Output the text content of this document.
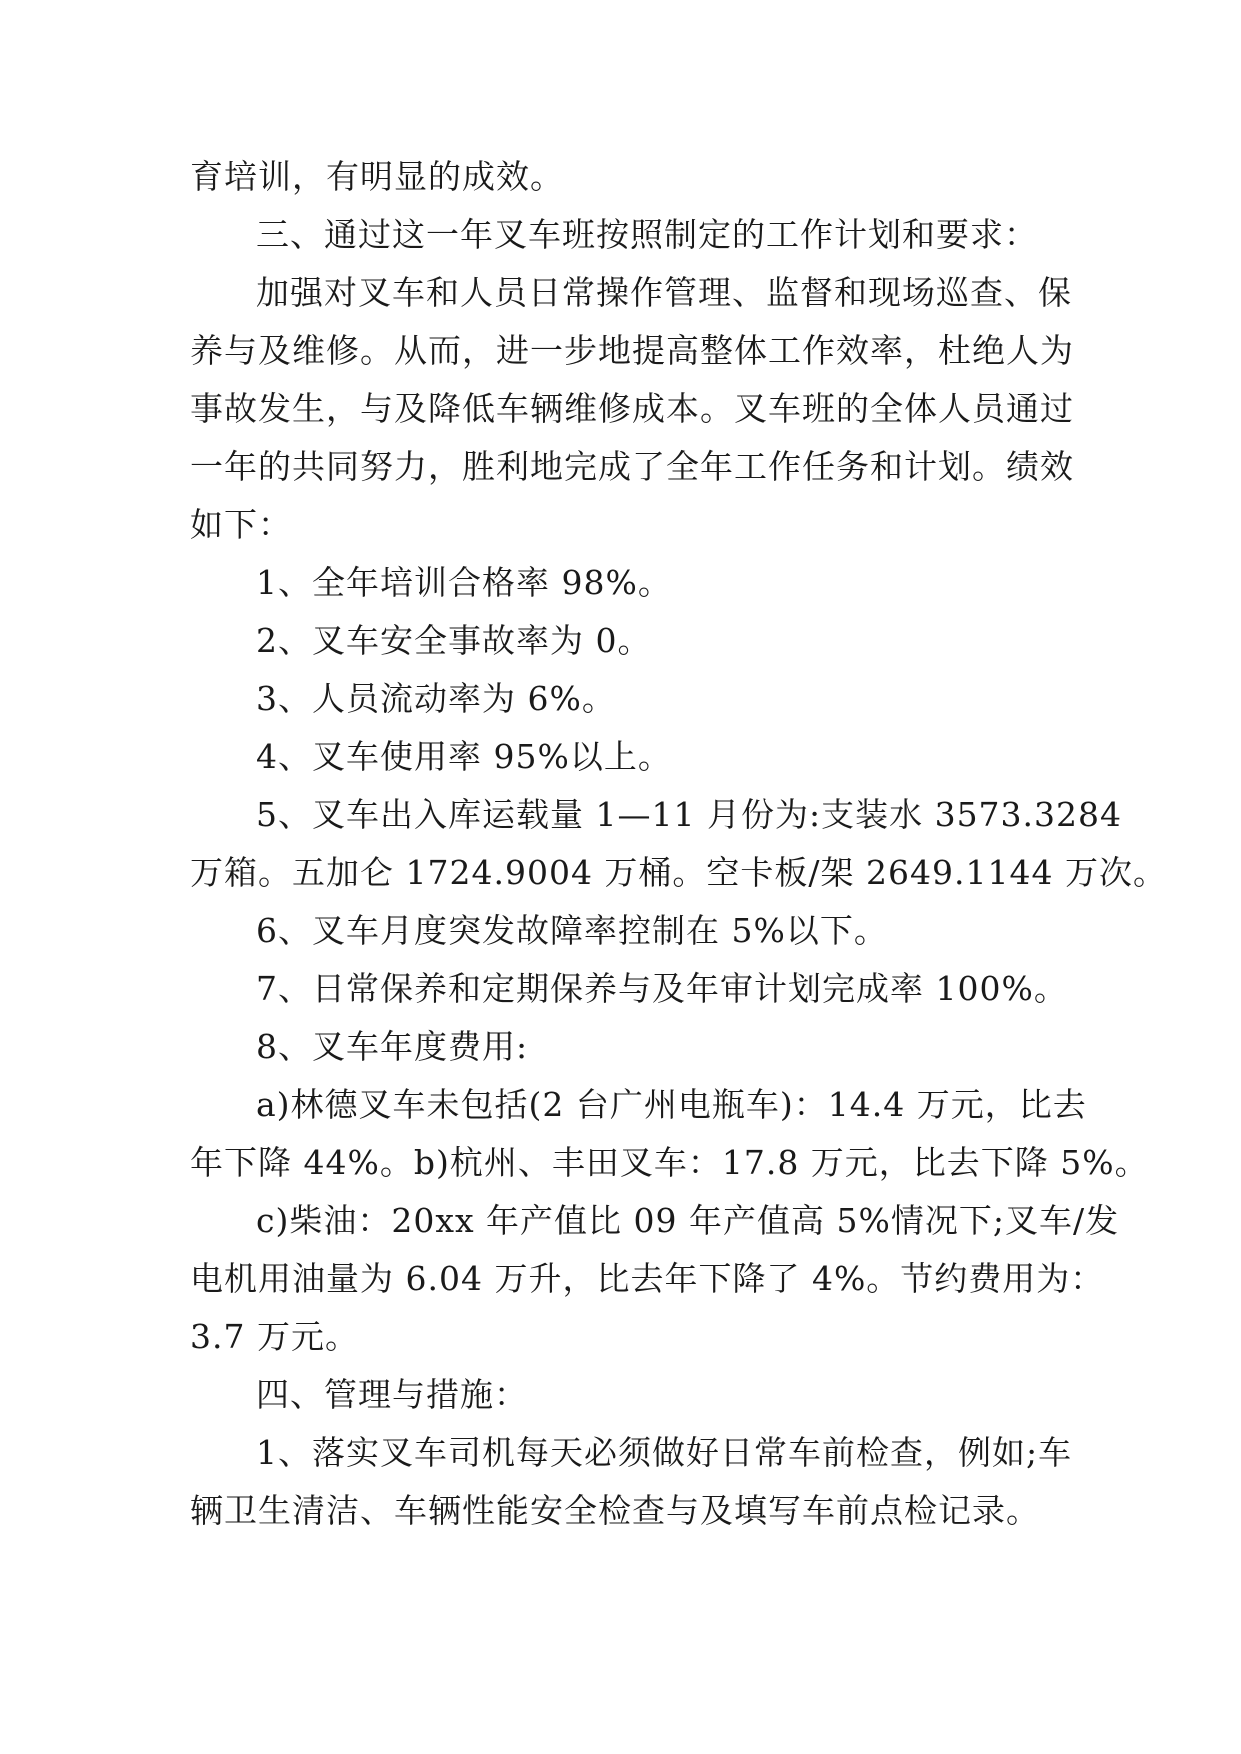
育培训，有明显的成效。
三、通过这一年叉车班按照制定的工作计划和要求：
加强对叉车和人员日常操作管理、监督和现场巡查、保
养与及维修。从而，进一步地提高整体工作效率，杜绝人为
事故发生，与及降低车辆维修成本。叉车班的全体人员通过
一年的共同努力，胜利地完成了全年工作任务和计划。绩效
如下：
1、全年培训合格率 98%。
2、叉车安全事故率为 0。
3、人员流动率为 6%。
4、叉车使用率 95%以上。
5、叉车出入库运载量 1—11 月份为:支装水 3573.3284
万箱。五加仑 1724.9004 万桶。空卡板/架 2649.1144 万次。
6、叉车月度突发故障率控制在 5%以下。
7、日常保养和定期保养与及年审计划完成率 100%。
8、叉车年度费用:
a)林德叉车未包括(2 台广州电瓶车)：14.4 万元，比去
年下降 44%。b)杭州、丰田叉车：17.8 万元，比去下降 5%。
c)柴油：20xx 年产值比 09 年产值高 5%情况下;叉车/发
电机用油量为 6.04 万升，比去年下降了 4%。节约费用为：
3.7 万元。
四、管理与措施：
1、落实叉车司机每天必须做好日常车前检查，例如;车
辆卫生清洁、车辆性能安全检查与及填写车前点检记录。
